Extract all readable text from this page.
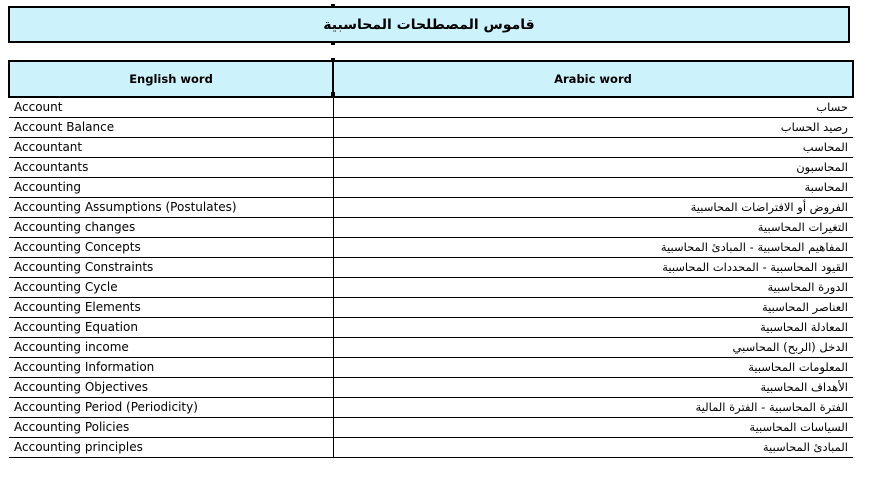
قاموس المصطلحات المحاسبية
English word	Arabic word
Account	حساب
Account Balance	رصيد الحساب
Accountant	المحاسب
Accountants	المحاسبون
Accounting	المحاسبة
Accounting Assumptions (Postulates)	الفروض أو الافتراضات المحاسبية
Accounting changes	التغيرات المحاسبية
Accounting Concepts	المفاهيم المحاسبية - المبادئ المحاسبية
Accounting Constraints	القيود المحاسبية - المحددات المحاسبية
Accounting Cycle	الدورة المحاسبية
Accounting Elements	العناصر المحاسبية
Accounting Equation	المعادلة المحاسبية
Accounting income	الدخل (الربح) المحاسبي
Accounting Information	المعلومات المحاسبية
Accounting Objectives	الأهداف المحاسبية
Accounting Period (Periodicity)	الفترة المحاسبية - الفترة المالية
Accounting Policies	السياسات المحاسبية
Accounting principles	المبادئ المحاسبية
